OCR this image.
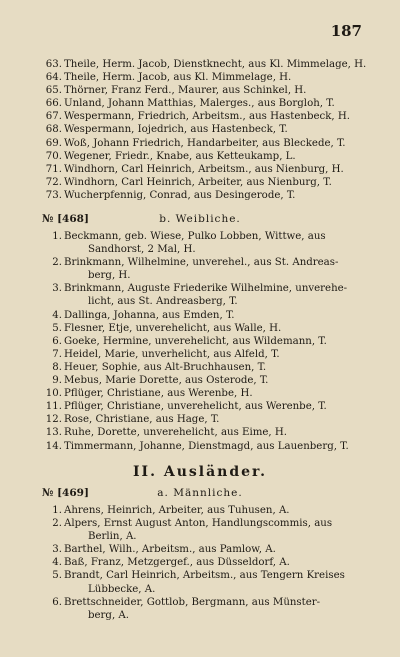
187
63. Theile, Herm. Jacob, Dienstknecht, aus Kl. Mimmelage, H.
64. Theile, Herm. Jacob, aus Kl. Mimmelage, H.
65. Thörner, Franz Ferd., Maurer, aus Schinkel, H.
66. Unland, Johann Matthias, Malerges., aus Borgloh, T.
67. Wespermann, Friedrich, Arbeitsm., aus Hastenbeck, H.
68. Wespermann, Iojedrich, aus Hastenbeck, T.
69. Woß, Johann Friedrich, Handarbeiter, aus Bleckede, T.
70. Wegener, Friedr., Knabe, aus Ketteukamp, L.
71. Windhorn, Carl Heinrich, Arbeitsm., aus Nienburg, H.
72. Windhorn, Carl Heinrich, Arbeiter, aus Nienburg, T.
73. Wucherpfennig, Conrad, aus Desingerode, T.
№ [468]	b. Weibliche.
1. Beckmann, geb. Wiese, Pulko Lobben, Wittwe, aus
Sandhorst, 2 Mal, H.
2. Brinkmann, Wilhelmine, unverehel., aus St. Andreas-
berg, H.
3. Brinkmann, Auguste Friederike Wilhelmine, unverehe-
licht, aus St. Andreasberg, T.
4. Dallinga, Johanna, aus Emden, T.
5. Flesner, Etje, unverehelicht, aus Walle, H.
6. Goeke, Hermine, unverehelicht, aus Wildemann, T.
7. Heidel, Marie, unverhelicht, aus Alfeld, T.
8. Heuer, Sophie, aus Alt-Bruchhausen, T.
9. Mebus, Marie Dorette, aus Osterode, T.
10. Pflüger, Christiane, aus Werenbe, H.
11. Pflüger, Christiane, unverehelicht, aus Werenbe, T.
12. Rose, Christiane, aus Hage, T.
13. Ruhe, Dorette, unverehelicht, aus Eime, H.
14. Timmermann, Johanne, Dienstmagd, aus Lauenberg, T.
II. Ausländer.
№ [469]	a. Männliche.
1. Ahrens, Heinrich, Arbeiter, aus Tuhusen, A.
2. Alpers, Ernst August Anton, Handlungscommis, aus
Berlin, A.
3. Barthel, Wilh., Arbeitsm., aus Pamlow, A.
4. Baß, Franz, Metzgergef., aus Düsseldorf, A.
5. Brandt, Carl Heinrich, Arbeitsm., aus Tengern Kreises
Lübbecke, A.
6. Brettschneider, Gottlob, Bergmann, aus Münster-
berg, A.
